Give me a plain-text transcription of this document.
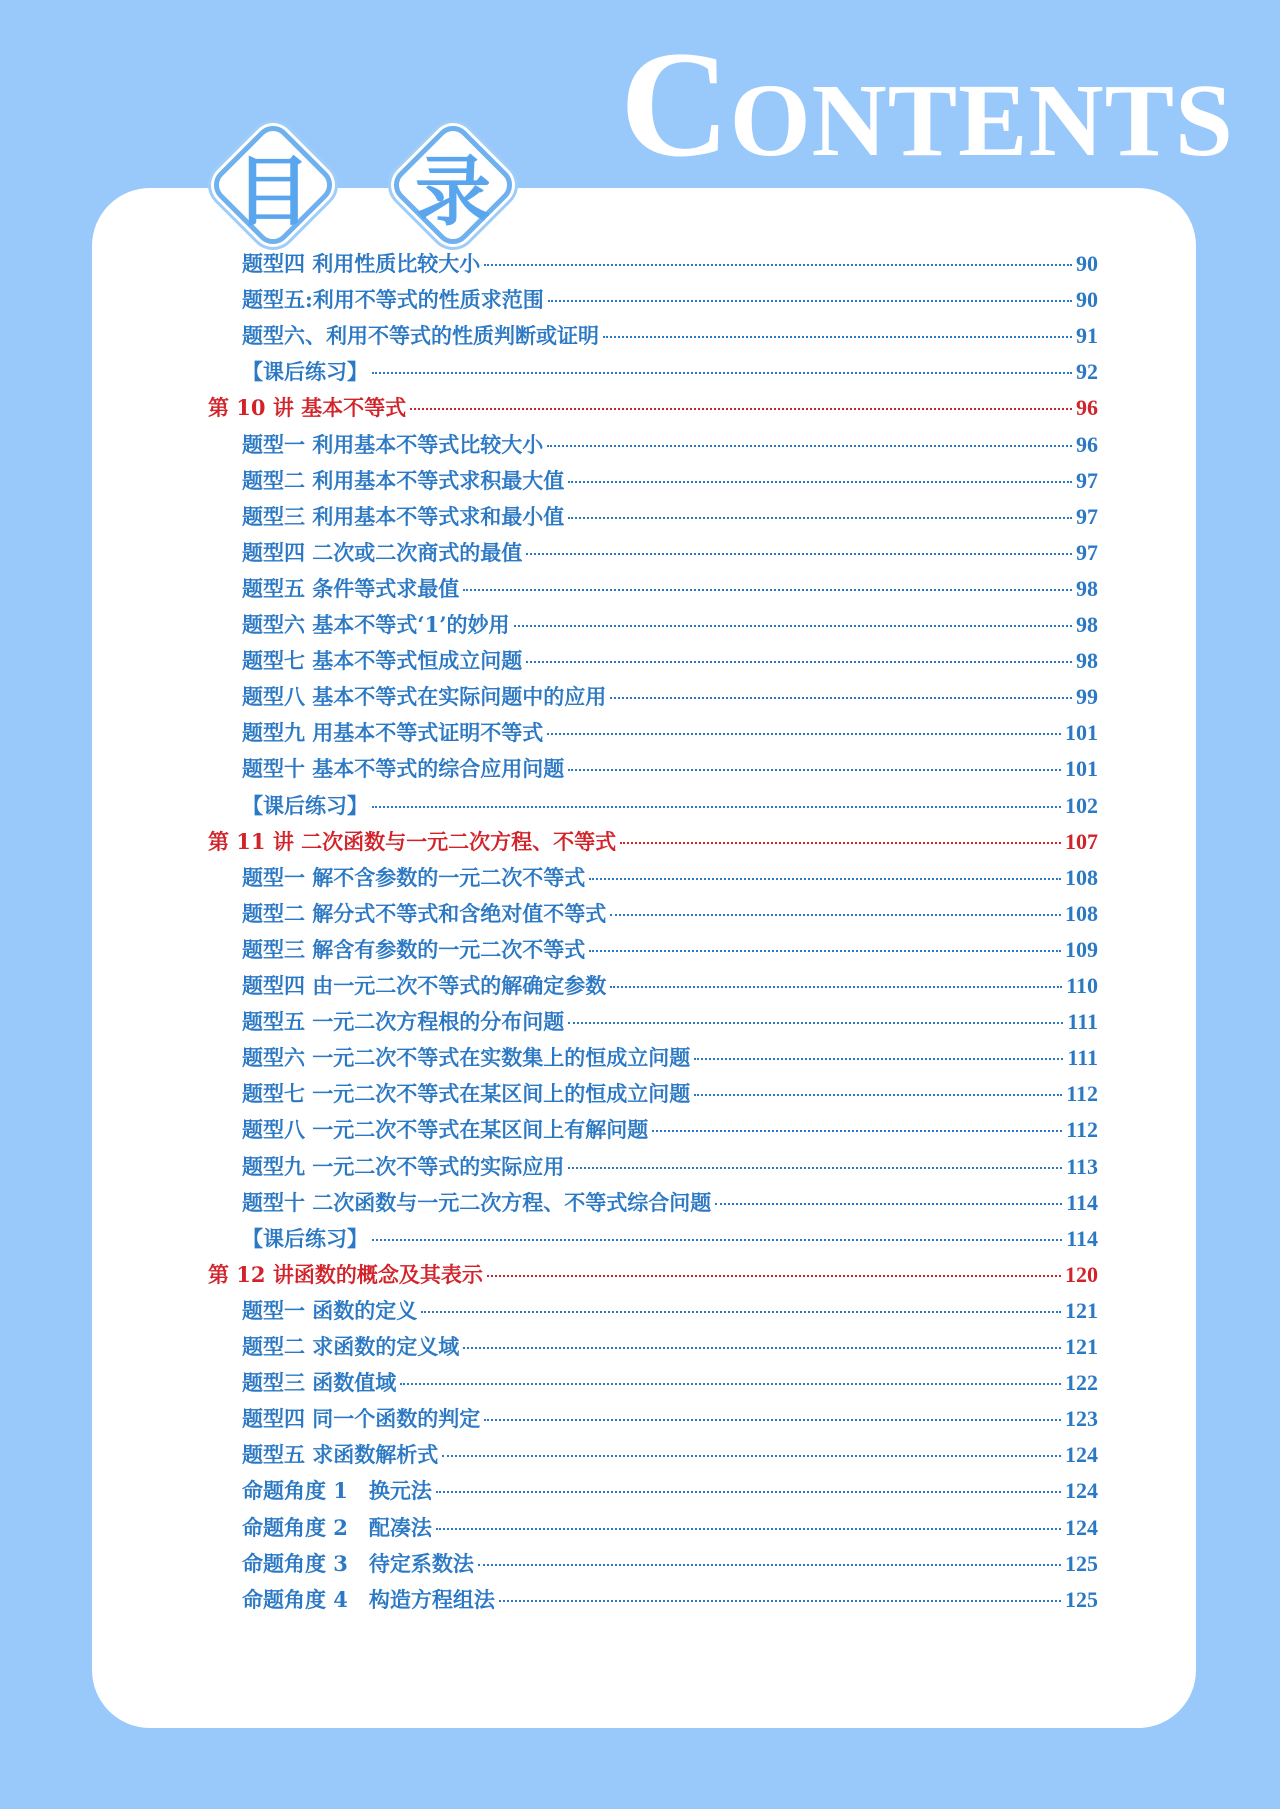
CONTENTS
目	录
题型四 利用性质比较大小	90
题型五:利用不等式的性质求范围	90
题型六、利用不等式的性质判断或证明	91
【课后练习】	92
第 10 讲 基本不等式	96
题型一 利用基本不等式比较大小	96
题型二 利用基本不等式求积最大值	97
题型三 利用基本不等式求和最小值	97
题型四 二次或二次商式的最值	97
题型五 条件等式求最值	98
题型六 基本不等式‘1’的妙用	98
题型七 基本不等式恒成立问题	98
题型八 基本不等式在实际问题中的应用	99
题型九 用基本不等式证明不等式	101
题型十 基本不等式的综合应用问题	101
【课后练习】	102
第 11 讲 二次函数与一元二次方程、不等式	107
题型一 解不含参数的一元二次不等式	108
题型二 解分式不等式和含绝对值不等式	108
题型三 解含有参数的一元二次不等式	109
题型四 由一元二次不等式的解确定参数	110
题型五 一元二次方程根的分布问题	111
题型六 一元二次不等式在实数集上的恒成立问题	111
题型七 一元二次不等式在某区间上的恒成立问题	112
题型八 一元二次不等式在某区间上有解问题	112
题型九 一元二次不等式的实际应用	113
题型十 二次函数与一元二次方程、不等式综合问题	114
【课后练习】	114
第 12 讲函数的概念及其表示	120
题型一 函数的定义	121
题型二 求函数的定义域	121
题型三 函数值域	122
题型四 同一个函数的判定	123
题型五 求函数解析式	124
命题角度 1　换元法	124
命题角度 2　配凑法	124
命题角度 3　待定系数法	125
命题角度 4　构造方程组法	125
